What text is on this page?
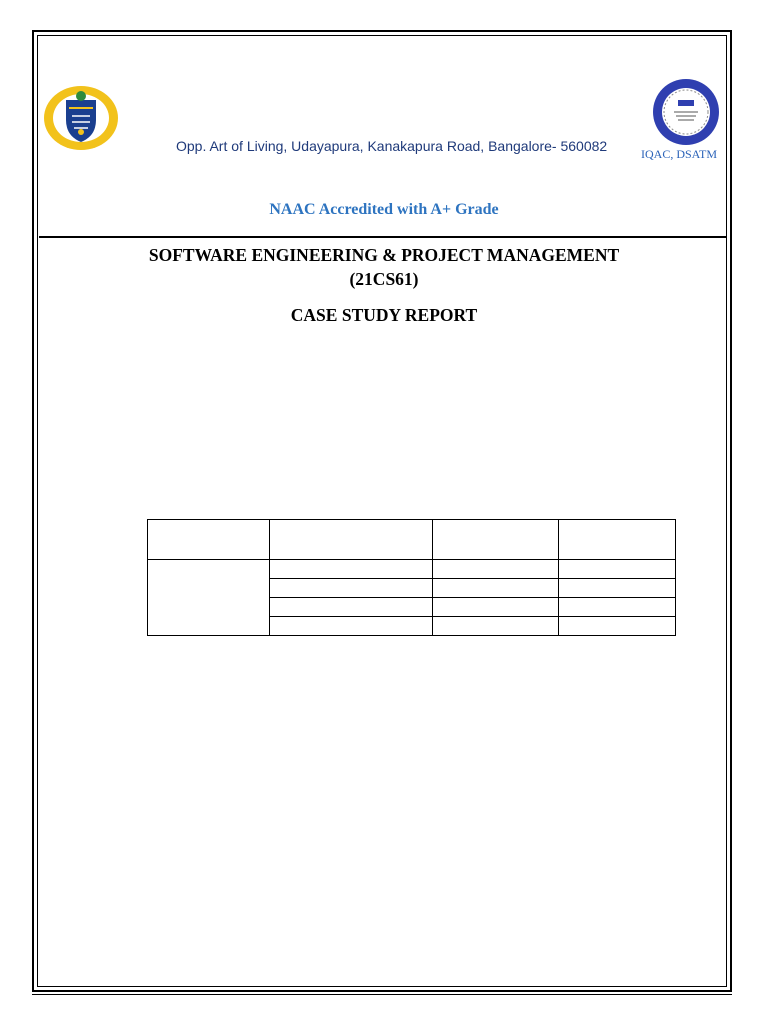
Opp. Art of Living, Udayapura, Kanakapura Road, Bangalore- 560082	IQAC, DSATM
NAAC Accredited with A+ Grade
SOFTWARE ENGINEERING & PROJECT MANAGEMENT
(21CS61)
CASE STUDY REPORT
